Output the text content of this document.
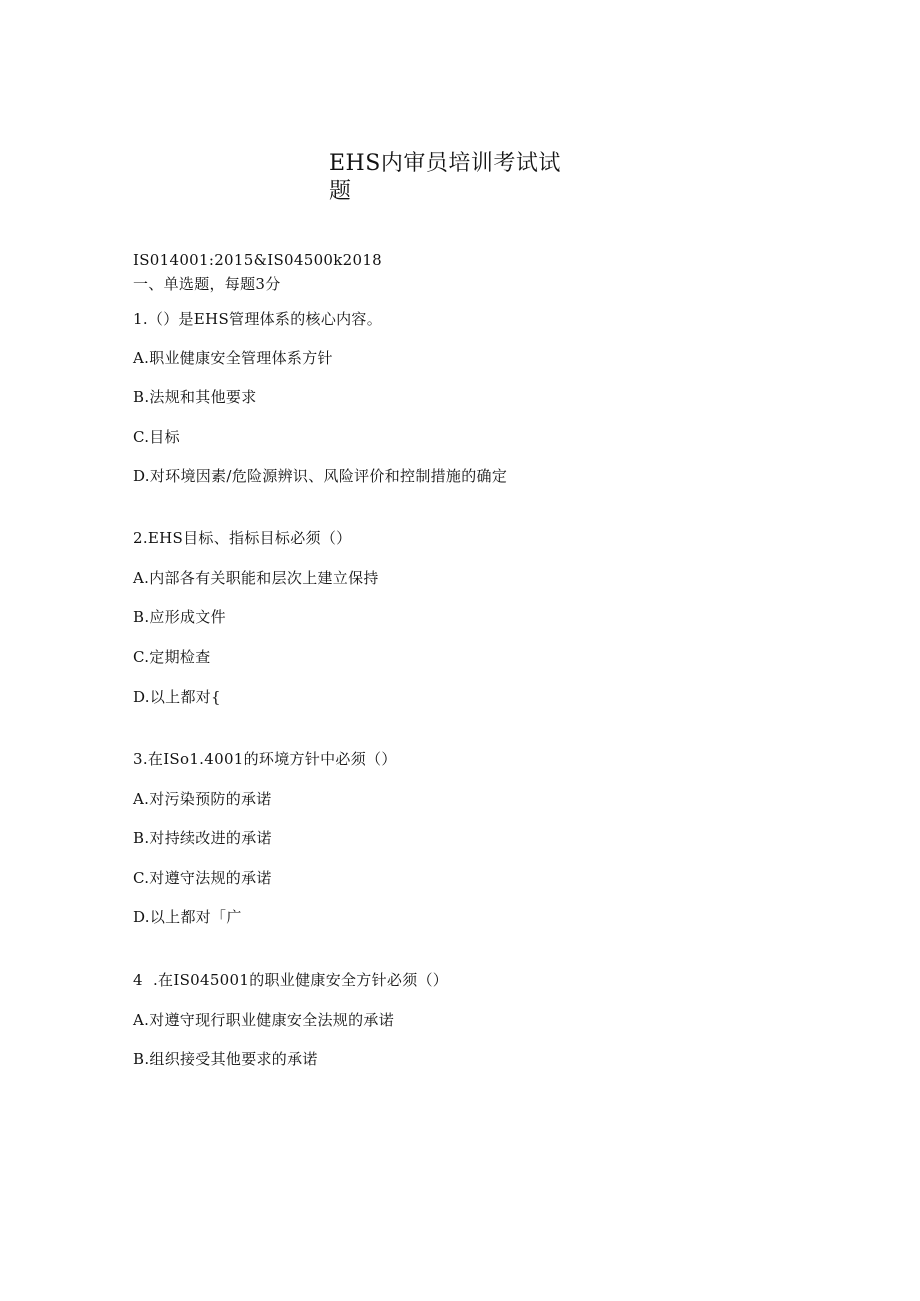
EHS内审员培训考试试
题
IS014001:2015&IS04500k2018
一、单选题，每题3分
1.（）是EHS管理体系的核心内容。
A.职业健康安全管理体系方针
B.法规和其他要求
C.目标
D.对环境因素/危险源辨识、风险评价和控制措施的确定
2.EHS目标、指标目标必须（）
A.内部各有关职能和层次上建立保持
B.应形成文件
C.定期检查
D.以上都对{
3.在ISo1.4001的环境方针中必须（）
A.对污染预防的承诺
B.对持续改进的承诺
C.对遵守法规的承诺
D.以上都对「广
4  .在IS045001的职业健康安全方针必须（）
A.对遵守现行职业健康安全法规的承诺
B.组织接受其他要求的承诺
